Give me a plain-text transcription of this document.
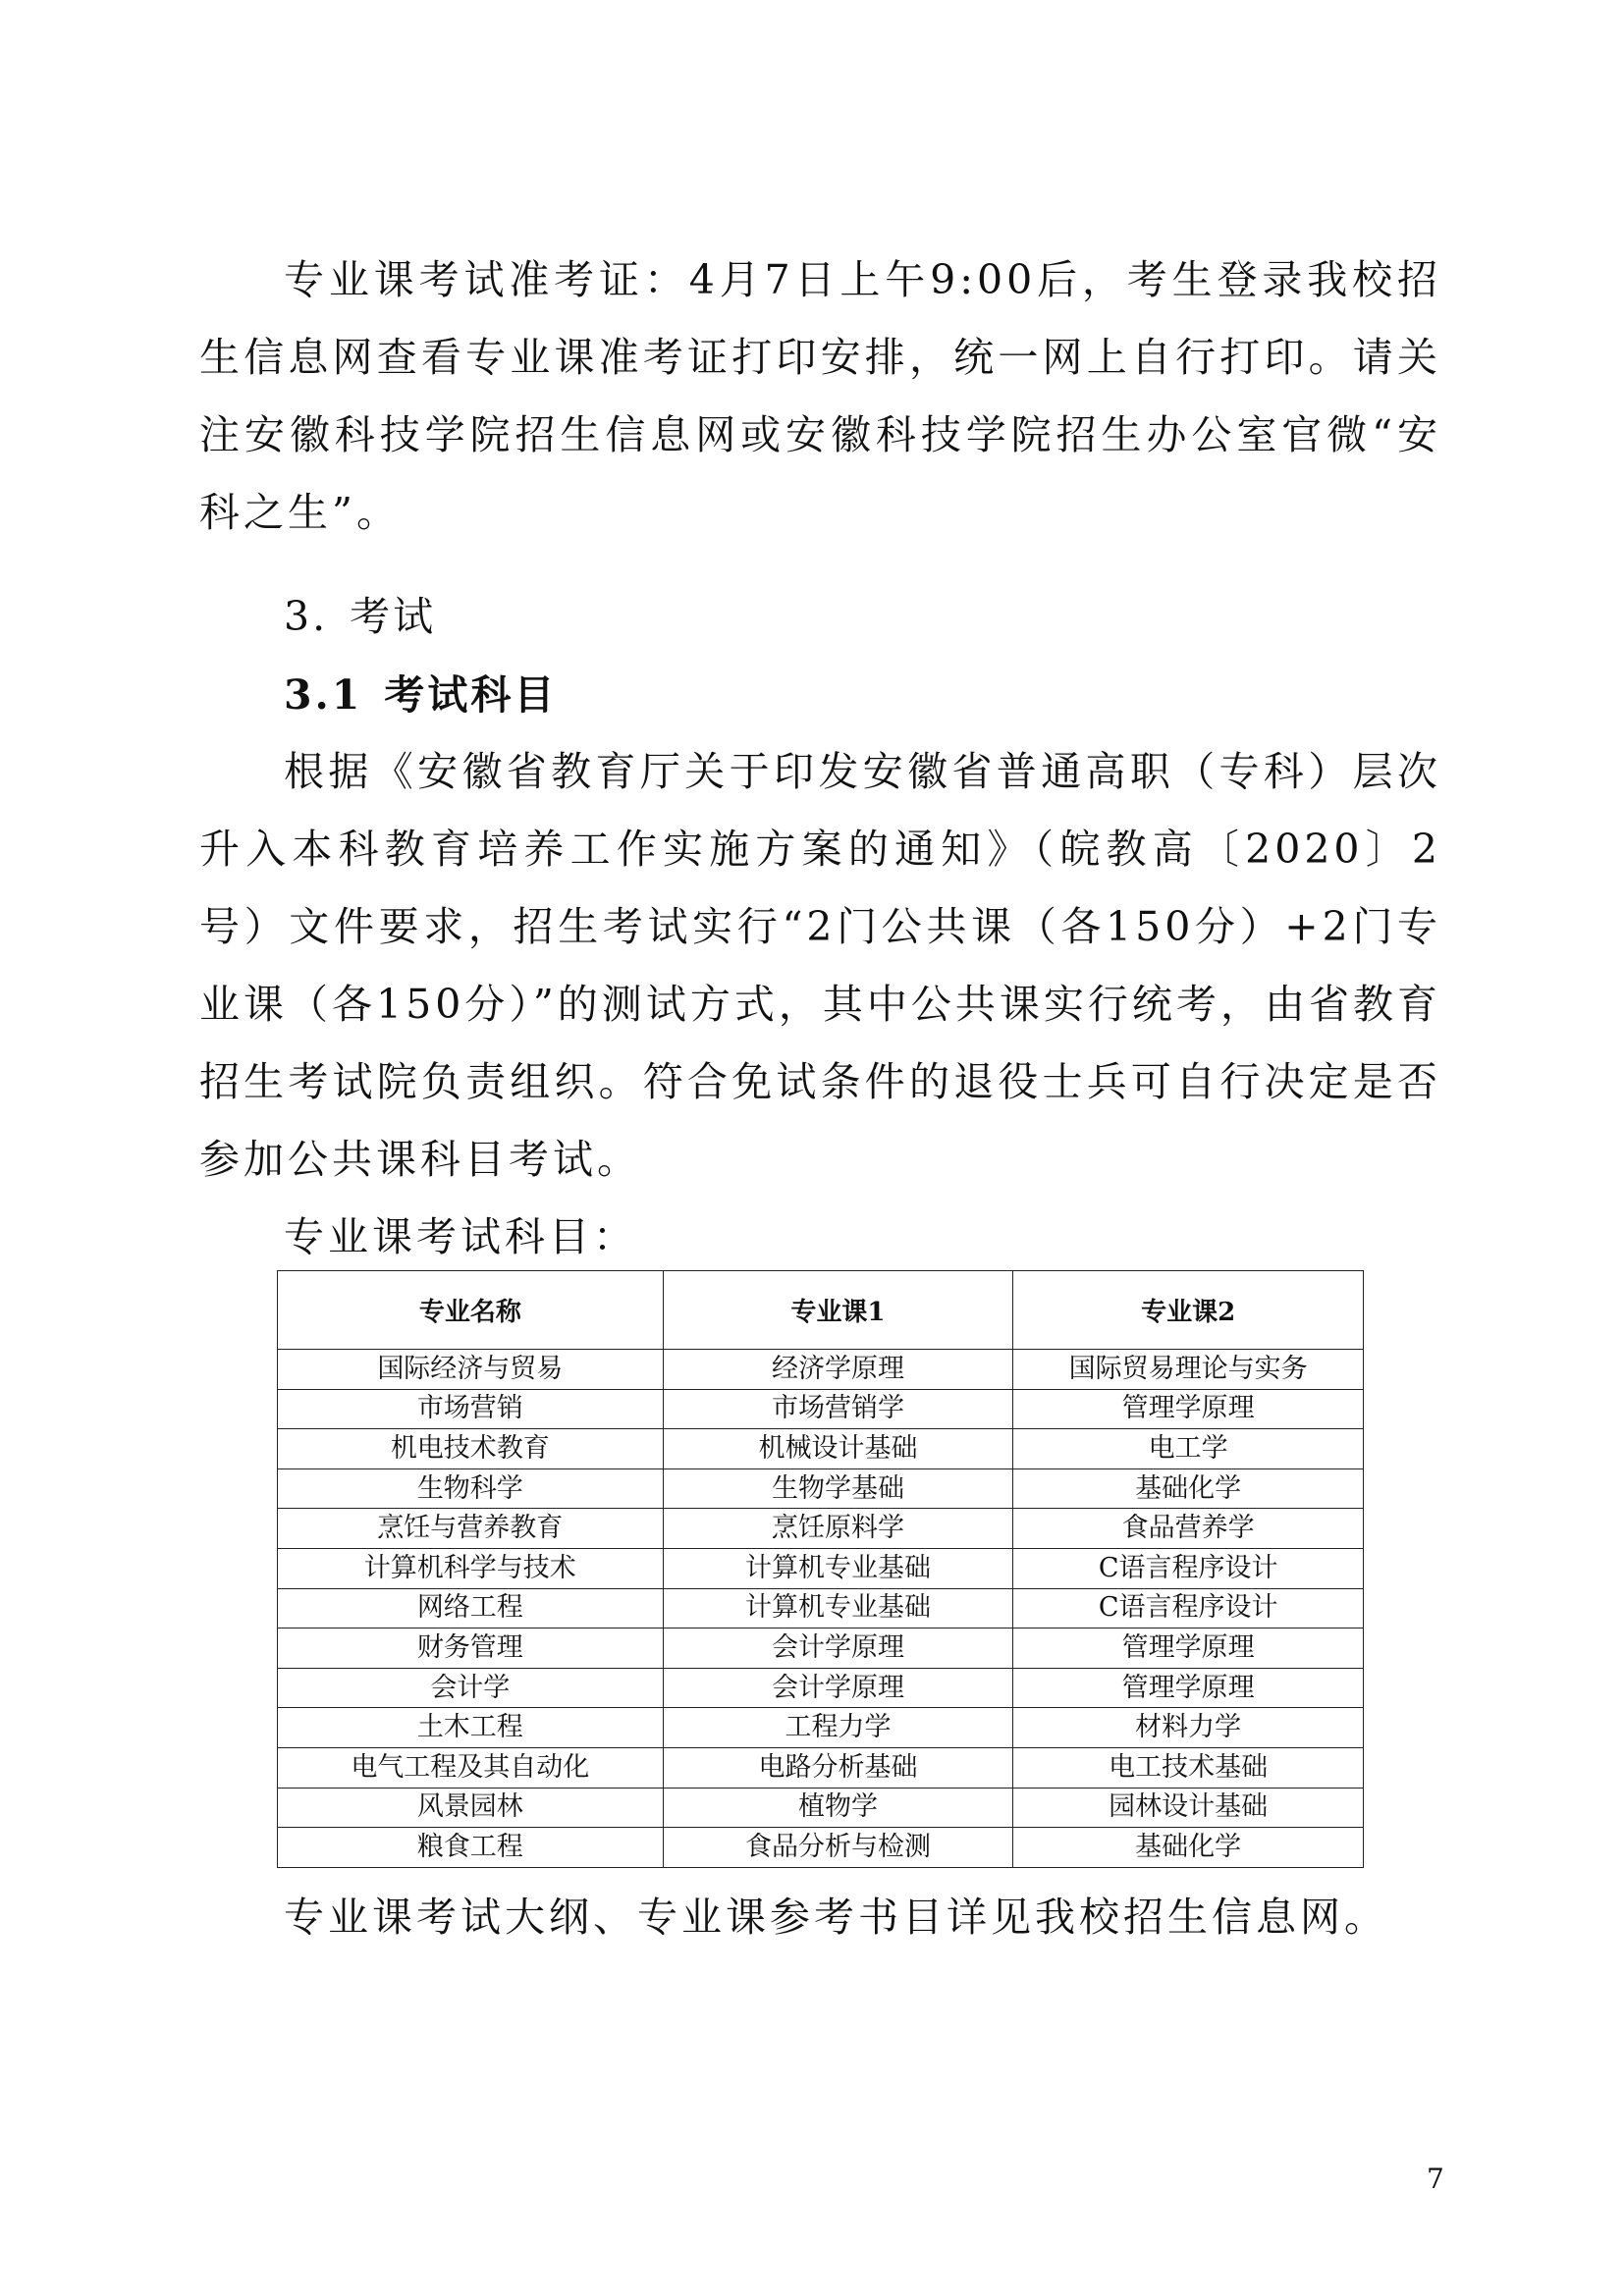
专业课考试准考证：4月7日上午9:00后，考生登录我校招生信息网查看专业课准考证打印安排，统一网上自行打印。请关注安徽科技学院招生信息网或安徽科技学院招生办公室官微“安科之生”。

3. 考试

3.1 考试科目

根据《安徽省教育厅关于印发安徽省普通高职（专科）层次升入本科教育培养工作实施方案的通知》（皖教高〔2020〕2号）文件要求，招生考试实行“2门公共课（各150分）+2门专业课（各150分）”的测试方式，其中公共课实行统考，由省教育招生考试院负责组织。符合免试条件的退役士兵可自行决定是否参加公共课科目考试。

专业课考试科目：

专业名称	专业课1	专业课2
国际经济与贸易	经济学原理	国际贸易理论与实务
市场营销	市场营销学	管理学原理
机电技术教育	机械设计基础	电工学
生物科学	生物学基础	基础化学
烹饪与营养教育	烹饪原料学	食品营养学
计算机科学与技术	计算机专业基础	C语言程序设计
网络工程	计算机专业基础	C语言程序设计
财务管理	会计学原理	管理学原理
会计学	会计学原理	管理学原理
土木工程	工程力学	材料力学
电气工程及其自动化	电路分析基础	电工技术基础
风景园林	植物学	园林设计基础
粮食工程	食品分析与检测	基础化学

专业课考试大纲、专业课参考书目详见我校招生信息网。

7
